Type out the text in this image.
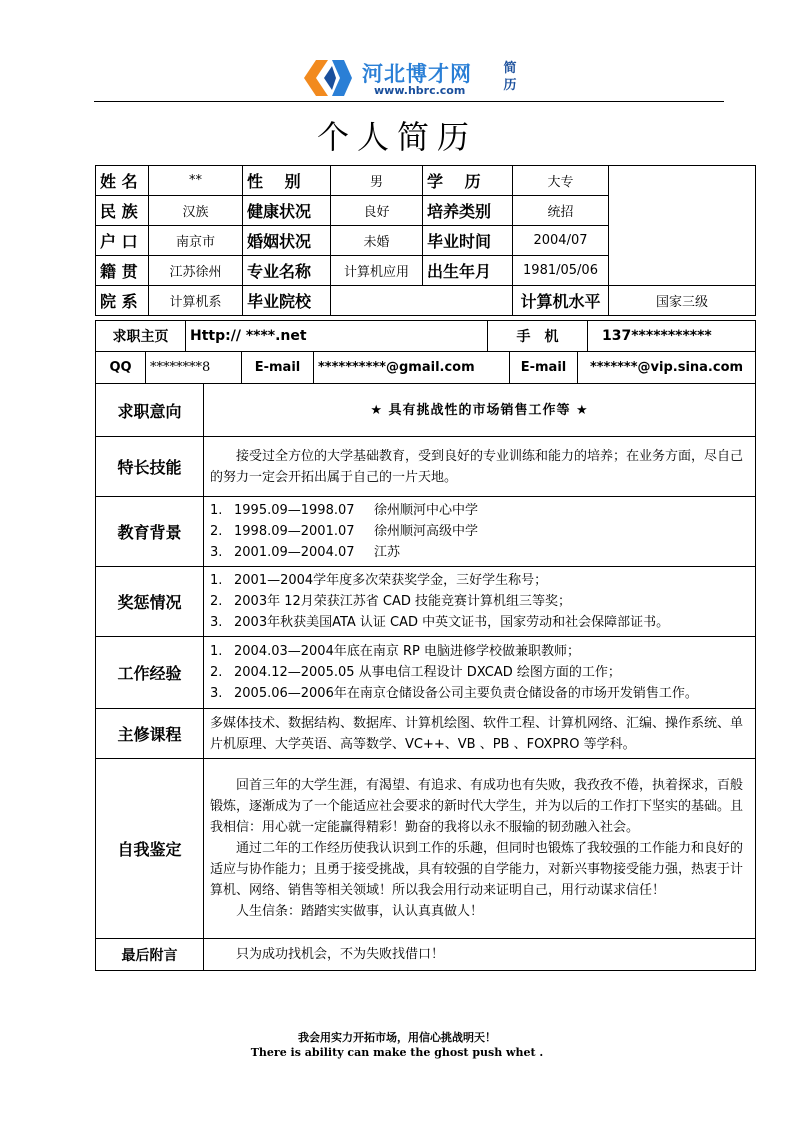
河北博才网
www.hbrc.com
简历
个人简历
姓 名	**	性　 别	男	学　 历	大专	
民 族	汉族	健康状况	良好	培养类别	统招	
户 口	南京市	婚姻状况	未婚	毕业时间	2004/07	
籍 贯	江苏徐州	专业名称	计算机应用	出生年月	1981/05/06	
院 系	计算机系	毕业院校			计算机水平	国家三级
求职主页	Http:// ****.net	手　机	137***********
QQ	********8	E-mail	**********@gmail.com	E-mail	*******@vip.sina.com
求职意向	★ 具有挑战性的市场销售工作等 ★
特长技能	接受过全方位的大学基础教育，受到良好的专业训练和能力的培养；在业务方面，尽自己的努力一定会开拓出属于自己的一片天地。

教育背景	1. 1995.09—1998.07 徐州顺河中心中学

2. 1998.09—2001.07 徐州顺河高级中学

3. 2001.09—2004.07 江苏

奖惩情况	1. 2001—2004学年度多次荣获奖学金，三好学生称号；

2. 2003年 12月荣获江苏省 CAD 技能竞赛计算机组三等奖；

3. 2003年秋获美国ATA 认证 CAD 中英文证书，国家劳动和社会保障部证书。

工作经验	1. 2004.03—2004年底在南京 RP 电脑进修学校做兼职教师；

2. 2004.12—2005.05 从事电信工程设计 DXCAD 绘图方面的工作；

3. 2005.06—2006年在南京仓储设备公司主要负责仓储设备的市场开发销售工作。

主修课程	多媒体技术、数据结构、数据库、计算机绘图、软件工程、计算机网络、汇编、操作系统、单片机原理、大学英语、高等数学、VC++、VB 、PB 、FOXPRO 等学科。

自我鉴定	回首三年的大学生涯，有渴望、有追求、有成功也有失败，我孜孜不倦，执着探求，百般锻炼，逐渐成为了一个能适应社会要求的新时代大学生，并为以后的工作打下坚实的基础。且我相信：用心就一定能赢得精彩！勤奋的我将以永不服输的韧劲融入社会。

通过二年的工作经历使我认识到工作的乐趣，但同时也锻炼了我较强的工作能力和良好的适应与协作能力；且勇于接受挑战，具有较强的自学能力，对新兴事物接受能力强，热衷于计算机、网络、销售等相关领域！所以我会用行动来证明自己，用行动谋求信任！

人生信条：踏踏实实做事，认认真真做人！

最后附言	只为成功找机会，不为失败找借口！

我会用实力开拓市场，用信心挑战明天！
There is ability can make the ghost push whet .
